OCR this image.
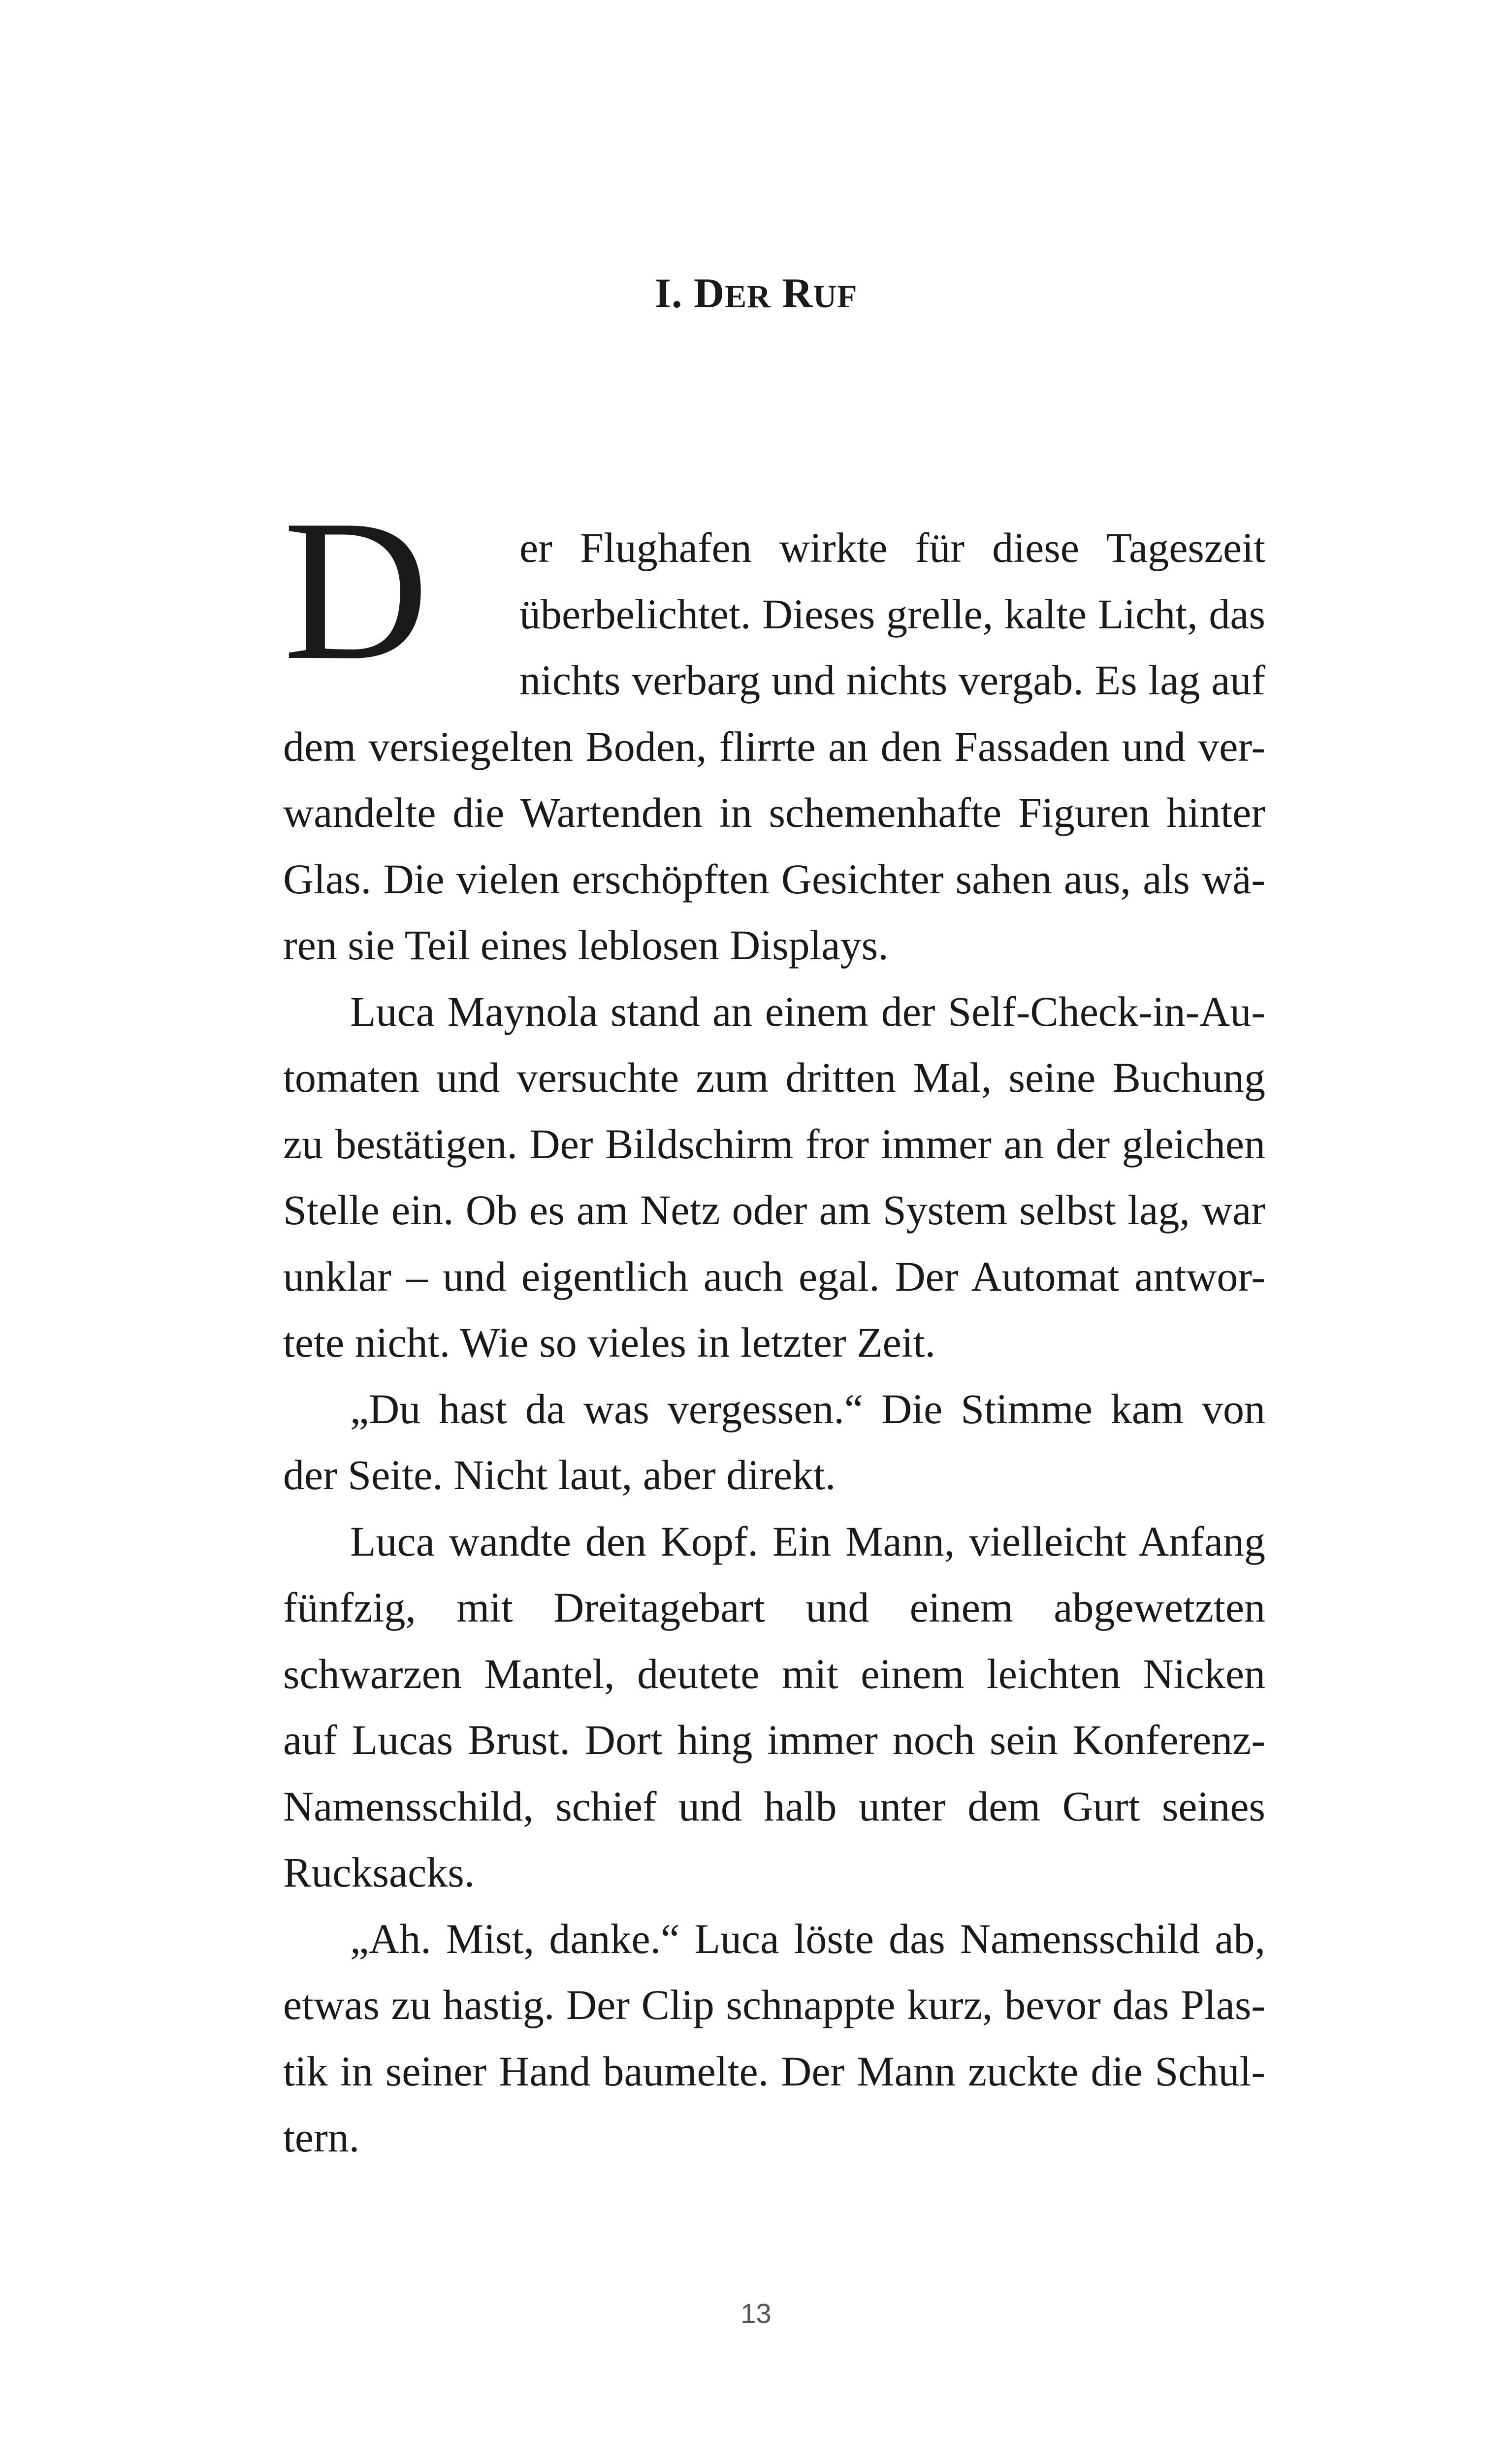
I. DER RUF
D er Flughafen wirkte für diese Tageszeit
überbelichtet. Dieses grelle, kalte Licht, das
nichts verbarg und nichts vergab. Es lag auf
dem versiegelten Boden, flirrte an den Fassaden und ver-
wandelte die Wartenden in schemenhafte Figuren hinter
Glas. Die vielen erschöpften Gesichter sahen aus, als wä-
ren sie Teil eines leblosen Displays.
Luca Maynola stand an einem der Self-Check-in-Au-
tomaten und versuchte zum dritten Mal, seine Buchung
zu bestätigen. Der Bildschirm fror immer an der gleichen
Stelle ein. Ob es am Netz oder am System selbst lag, war
unklar – und eigentlich auch egal. Der Automat antwor-
tete nicht. Wie so vieles in letzter Zeit.
„Du hast da was vergessen.“ Die Stimme kam von
der Seite. Nicht laut, aber direkt.
Luca wandte den Kopf. Ein Mann, vielleicht Anfang
fünfzig, mit Dreitagebart und einem abgewetzten
schwarzen Mantel, deutete mit einem leichten Nicken
auf Lucas Brust. Dort hing immer noch sein Konferenz-
Namensschild, schief und halb unter dem Gurt seines
Rucksacks.
„Ah. Mist, danke.“ Luca löste das Namensschild ab,
etwas zu hastig. Der Clip schnappte kurz, bevor das Plas-
tik in seiner Hand baumelte. Der Mann zuckte die Schul-
tern.
13
